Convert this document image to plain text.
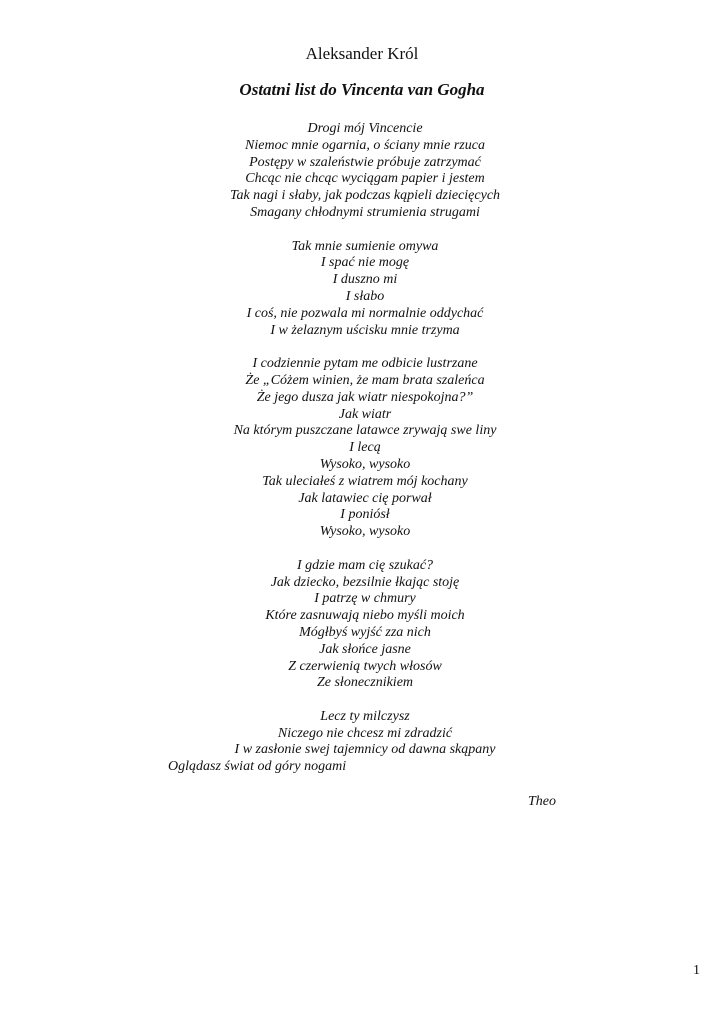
Aleksander Król
Ostatni list do Vincenta van Gogha
Drogi mój Vincencie
Niemoc mnie ogarnia, o ściany mnie rzuca
Postępy w szaleństwie próbuje zatrzymać
Chcąc nie chcąc wyciągam papier i jestem
Tak nagi i słaby, jak podczas kąpieli dziecięcych
Smagany chłodnymi strumienia strugami
Tak mnie sumienie omywa
I spać nie mogę
I duszno mi
I słabo
I coś, nie pozwala mi normalnie oddychać
I w żelaznym uścisku mnie trzyma
I codziennie pytam me odbicie lustrzane
Że „Cóżem winien, że mam brata szaleńca
Że jego dusza jak wiatr niespokojna?”
Jak wiatr
Na którym puszczane latawce zrywają swe liny
I lecą
Wysoko, wysoko
Tak uleciałeś z wiatrem mój kochany
Jak latawiec cię porwał
I poniósł
Wysoko, wysoko
I gdzie mam cię szukać?
Jak dziecko, bezsilnie łkając stoję
I patrzę w chmury
Które zasnuwają niebo myśli moich
Mógłbyś wyjść zza nich
Jak słońce jasne
Z czerwienią twych włosów
Ze słonecznikiem
Lecz ty milczysz
Niczego nie chcesz mi zdradzić
I w zasłonie swej tajemnicy od dawna skąpany
Oglądasz świat od góry nogami
Theo
1
